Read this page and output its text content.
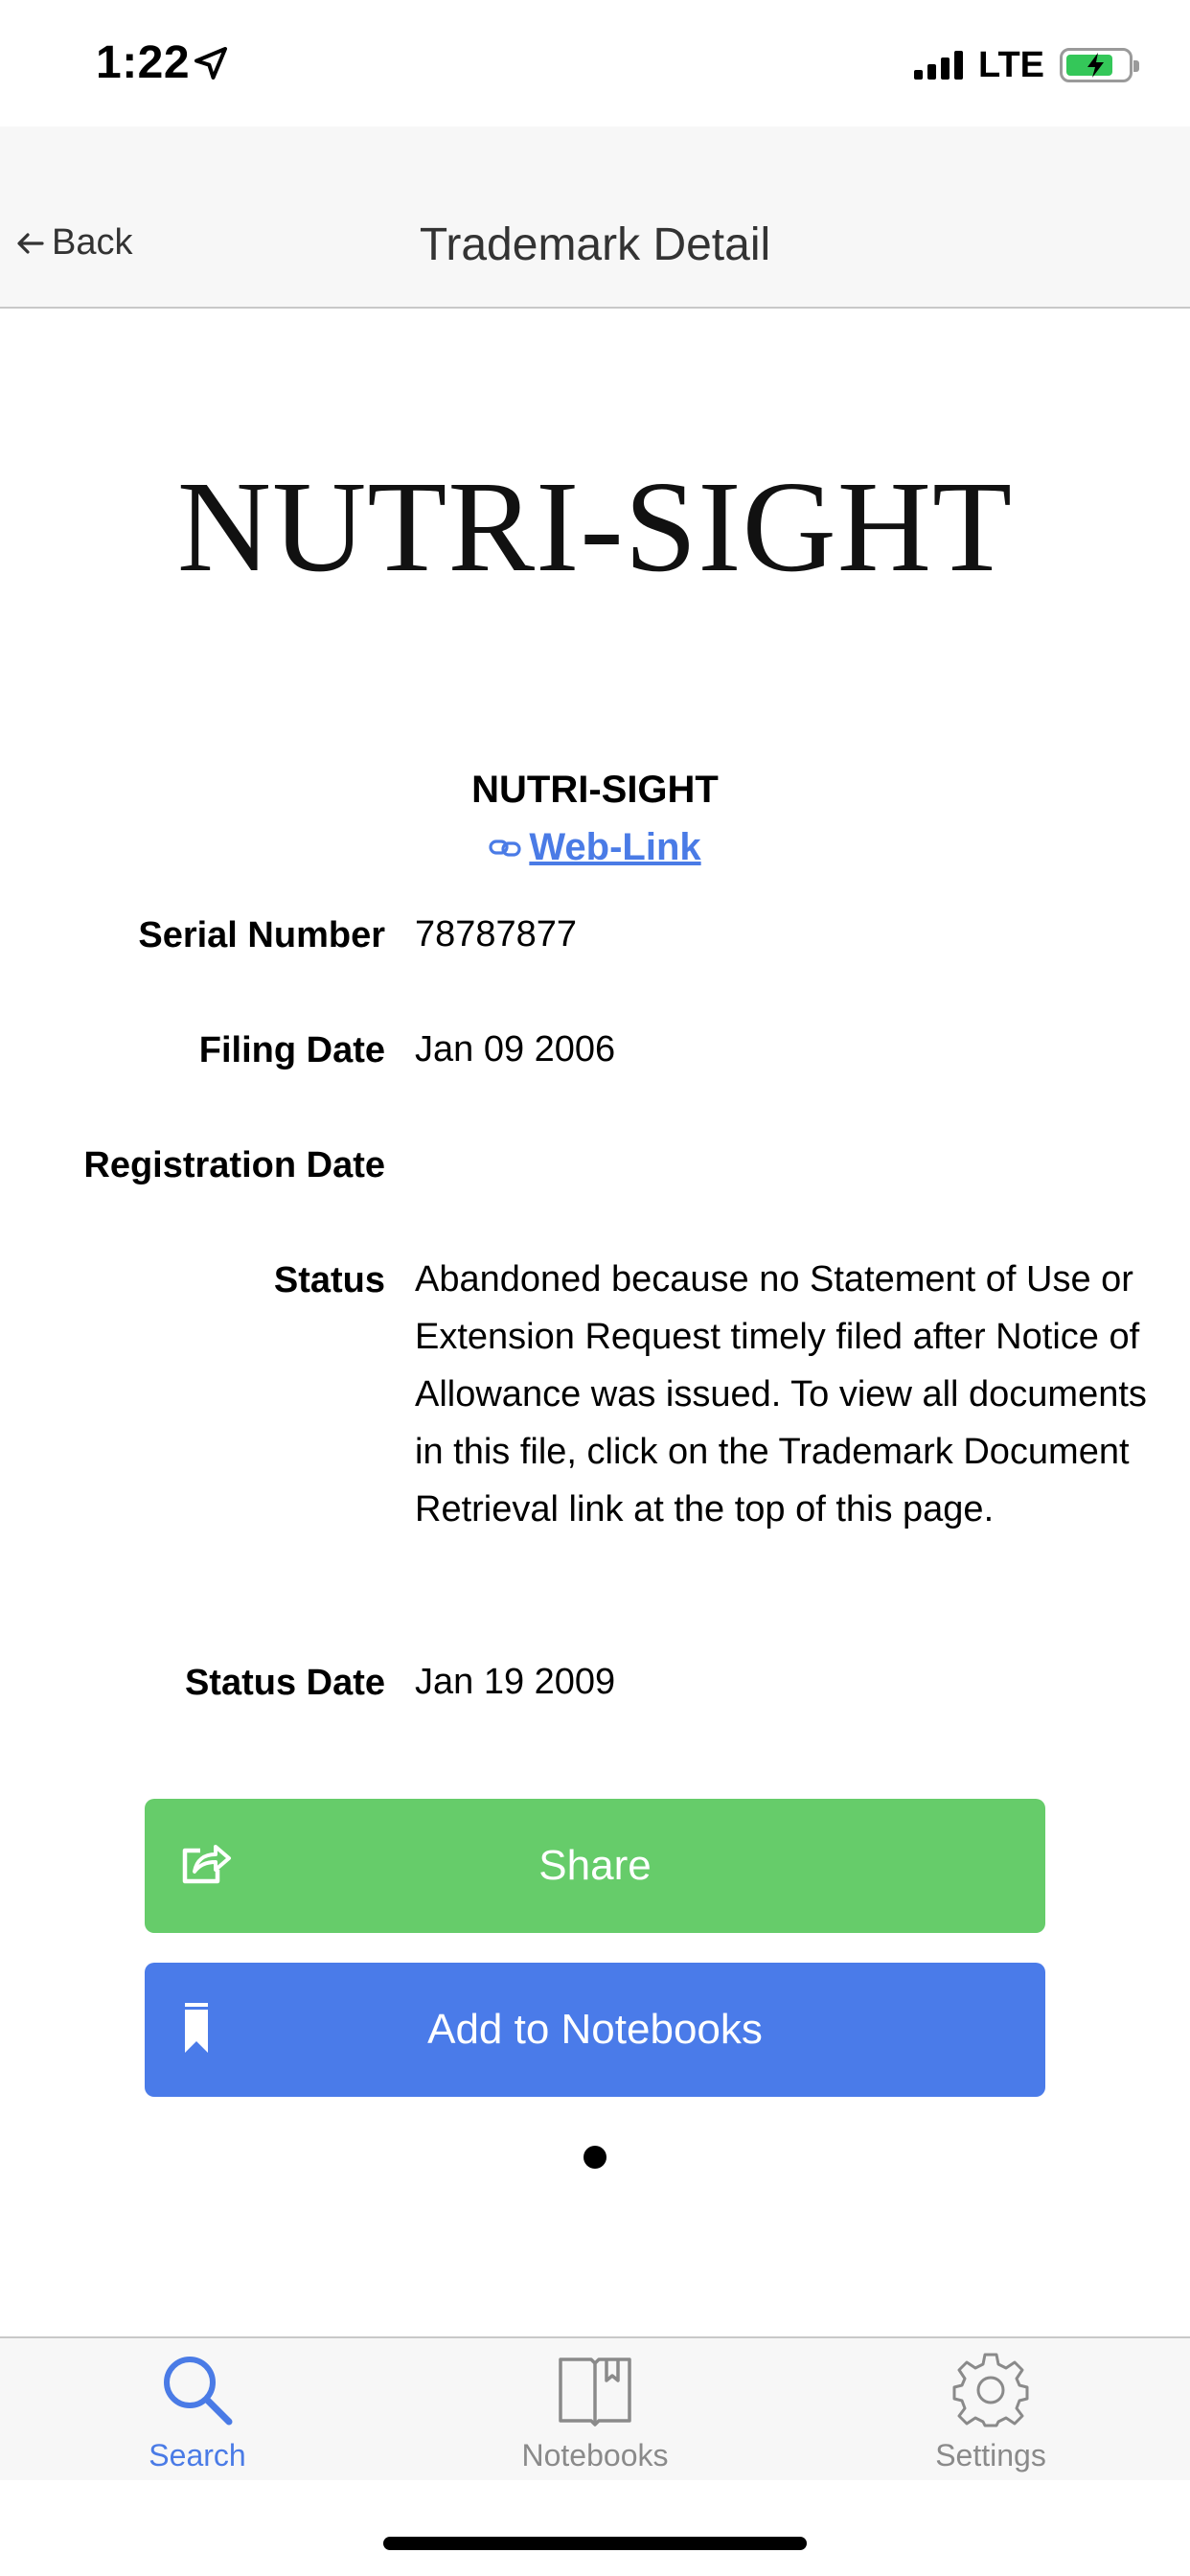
1:22	LTE
Back	Trademark Detail
NUTRI-SIGHT
NUTRI-SIGHT
Web-Link
Serial Number 78787877
Filing Date Jan 09 2006
Registration Date
Status Abandoned because no Statement of Use or Extension Request timely filed after Notice of Allowance was issued. To view all documents in this file, click on the Trademark Document Retrieval link at the top of this page.
Status Date Jan 19 2009
Share
Add to Notebooks
Search	Notebooks	Settings
